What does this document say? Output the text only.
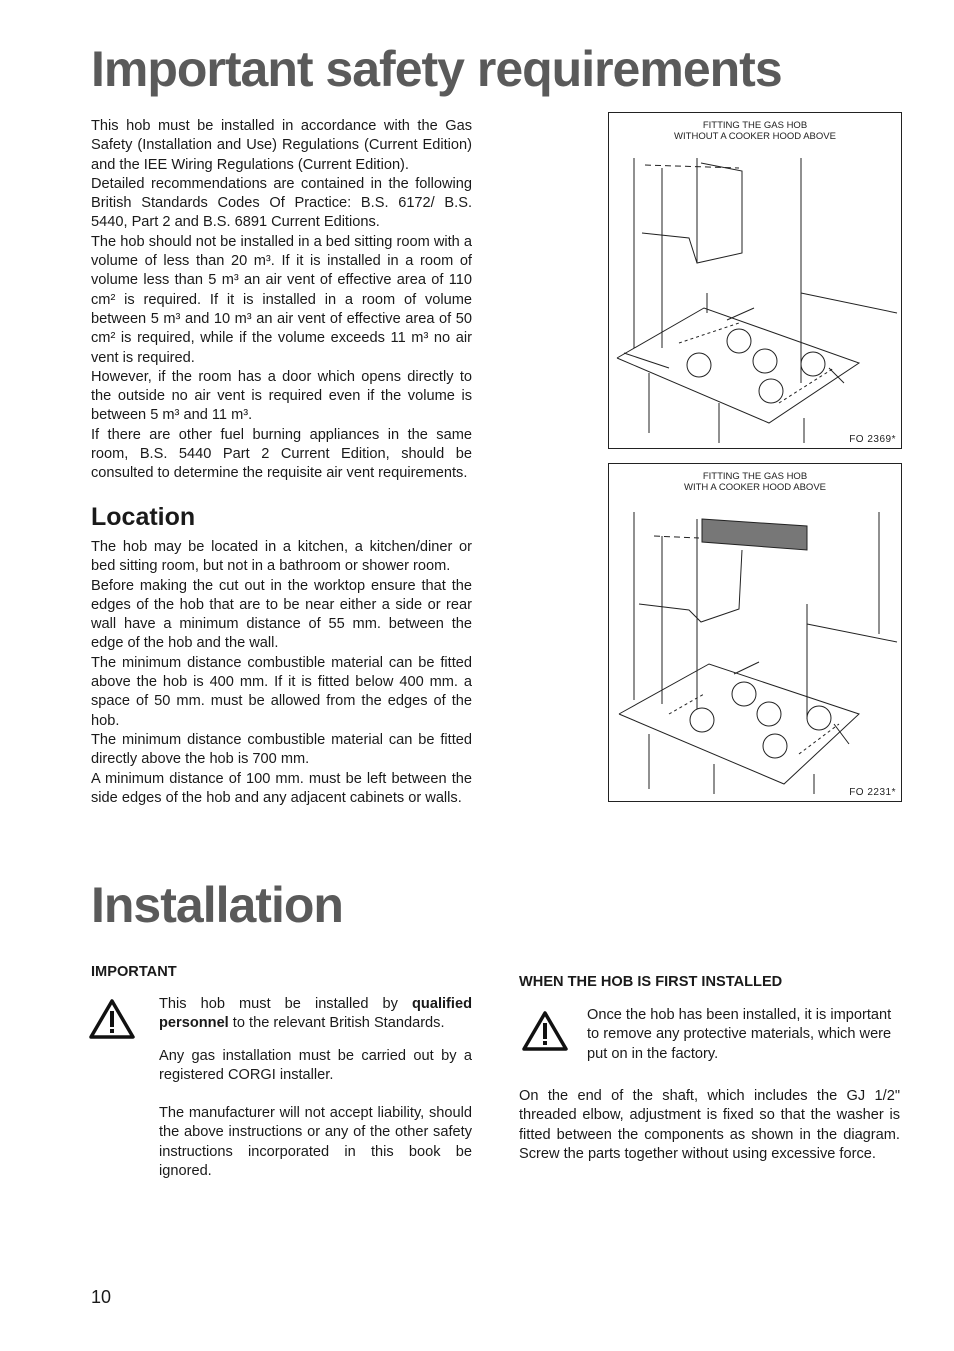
Important safety requirements

This hob must be installed in accordance with the Gas Safety (Installation and Use) Regulations (Current Edition) and the IEE Wiring Regulations (Current Edition).

Detailed recommendations are contained in the following British Standards Codes Of Practice: B.S. 6172/ B.S. 5440, Part 2 and B.S. 6891 Current Editions.

The hob should not be installed in a bed sitting room with a volume of less than 20 m³. If it is installed in a room of volume less than 5 m³ an air vent of effective area of 110 cm² is required. If it is installed in a room of volume between 5 m³ and 10 m³ an air vent of effective area of 50 cm² is required, while if the volume exceeds 11 m³ no air vent is required.

However, if the room has a door which opens directly to the outside no air vent is required even if the volume is between 5 m³ and 11 m³.

If there are other fuel burning appliances in the same room, B.S. 5440 Part 2 Current Edition, should be consulted to determine the requisite air vent requirements.

Location

The hob may be located in a kitchen, a kitchen/diner or bed sitting room, but not in a bathroom or shower room.

Before making the cut out in the worktop ensure that the edges of the hob that are to be near either a side or rear wall have a minimum distance of 55 mm. between the edge of the hob and the wall.

The minimum distance combustible material can be fitted above the hob is 400 mm. If it is fitted below 400 mm. a space of 50 mm. must be allowed from the edges of the hob.

The minimum distance combustible material can be fitted directly above the hob is 700 mm.

A minimum distance of 100 mm. must be left between the side edges of the hob and any adjacent cabinets or walls.

FITTING THE GAS HOB
WITHOUT A COOKER HOOD ABOVE
FO 2369*
FITTING THE GAS HOB
WITH A COOKER HOOD ABOVE
FO 2231*
Installation
IMPORTANT

This hob must be installed by qualified personnel to the relevant British Standards.

Any gas installation must be carried out by a registered CORGI installer.

The manufacturer will not accept liability, should the above instructions or any of the other safety instructions incorporated in this book be ignored.

WHEN THE HOB IS FIRST INSTALLED

Once the hob has been installed, it is important to remove any protective materials, which were put on in the factory.

On the end of the shaft, which includes the GJ 1/2" threaded elbow, adjustment is fixed so that the washer is fitted between the components as shown in the diagram. Screw the parts together without using excessive force.

10
